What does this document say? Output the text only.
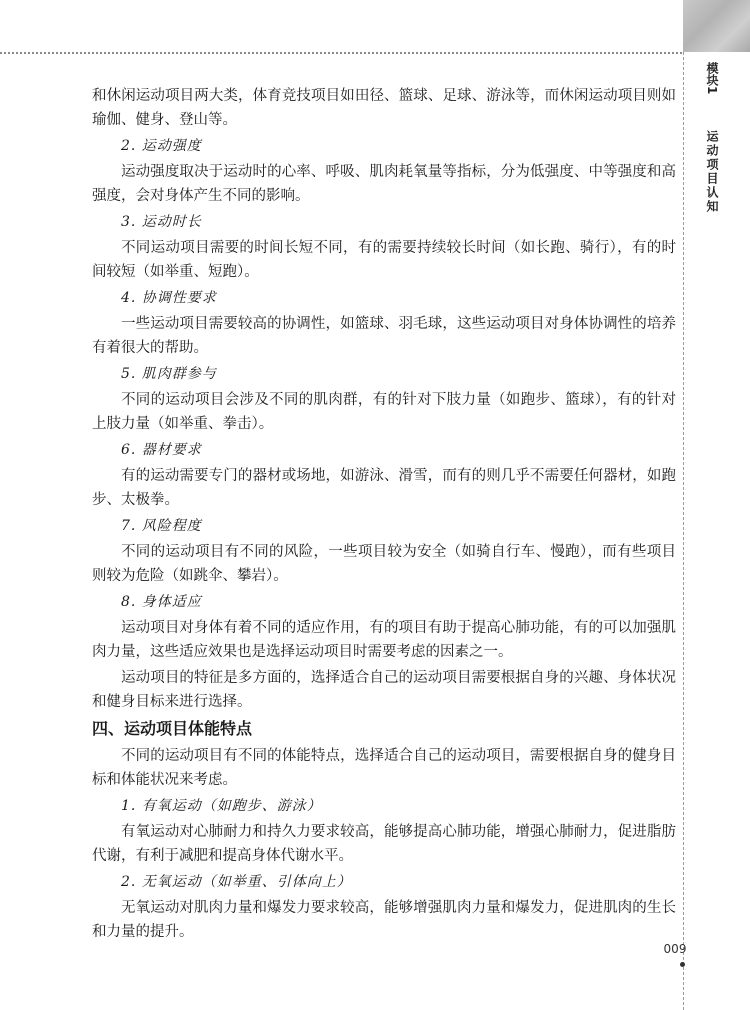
模块1
运动项目认知

和休闲运动项目两大类，体育竞技项目如田径、篮球、足球、游泳等，而休闲运动项目则如瑜伽、健身、登山等。

2. 运动强度

运动强度取决于运动时的心率、呼吸、肌肉耗氧量等指标，分为低强度、中等强度和高强度，会对身体产生不同的影响。

3. 运动时长

不同运动项目需要的时间长短不同，有的需要持续较长时间（如长跑、骑行），有的时间较短（如举重、短跑）。

4. 协调性要求

一些运动项目需要较高的协调性，如篮球、羽毛球，这些运动项目对身体协调性的培养有着很大的帮助。

5. 肌肉群参与

不同的运动项目会涉及不同的肌肉群，有的针对下肢力量（如跑步、篮球），有的针对上肢力量（如举重、拳击）。

6. 器材要求

有的运动需要专门的器材或场地，如游泳、滑雪，而有的则几乎不需要任何器材，如跑步、太极拳。

7. 风险程度

不同的运动项目有不同的风险，一些项目较为安全（如骑自行车、慢跑），而有些项目则较为危险（如跳伞、攀岩）。

8. 身体适应

运动项目对身体有着不同的适应作用，有的项目有助于提高心肺功能，有的可以加强肌肉力量，这些适应效果也是选择运动项目时需要考虑的因素之一。

运动项目的特征是多方面的，选择适合自己的运动项目需要根据自身的兴趣、身体状况和健身目标来进行选择。

四、运动项目体能特点

不同的运动项目有不同的体能特点，选择适合自己的运动项目，需要根据自身的健身目标和体能状况来考虑。

1. 有氧运动（如跑步、游泳）

有氧运动对心肺耐力和持久力要求较高，能够提高心肺功能，增强心肺耐力，促进脂肪代谢，有利于减肥和提高身体代谢水平。

2. 无氧运动（如举重、引体向上）

无氧运动对肌肉力量和爆发力要求较高，能够增强肌肉力量和爆发力，促进肌肉的生长和力量的提升。

009
